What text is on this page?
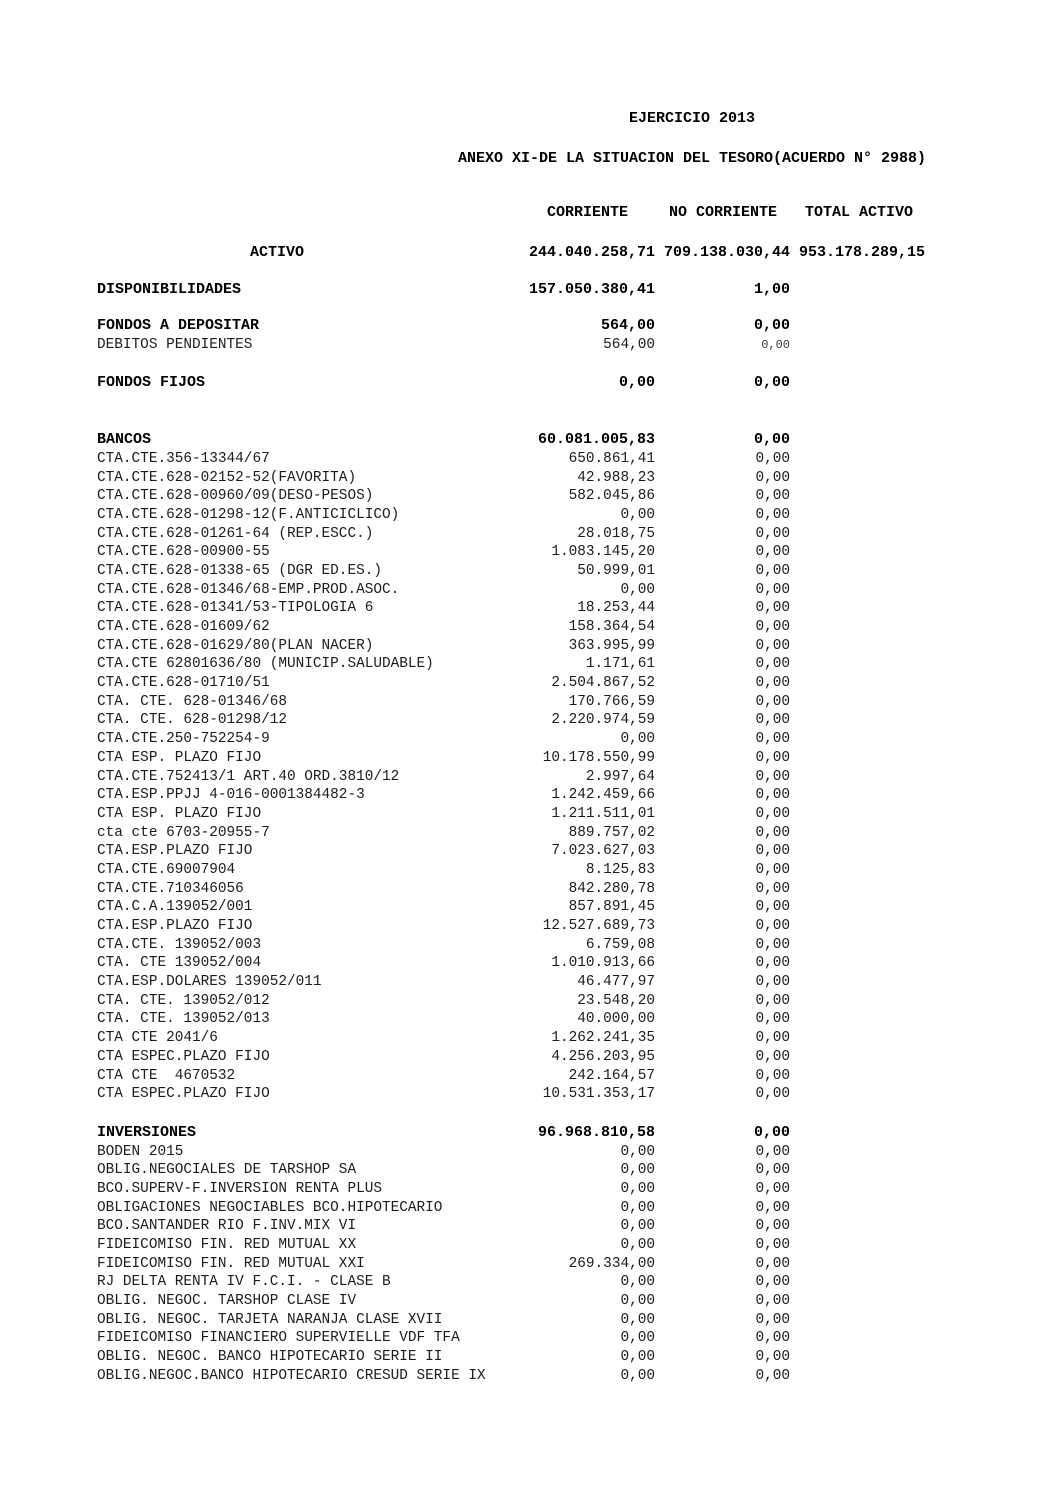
EJERCICIO 2013
ANEXO XI-DE LA SITUACION DEL TESORO(ACUERDO N° 2988)
CORRIENTE	NO CORRIENTE	TOTAL ACTIVO
ACTIVO	244.040.258,71 709.138.030,44 953.178.289,15
DISPONIBILIDADES	157.050.380,41	1,00
FONDOS A DEPOSITAR	564,00	0,00
DEBITOS PENDIENTES	564,00	0,00
FONDOS FIJOS	0,00	0,00
BANCOS	60.081.005,83	0,00
CTA.CTE.356-13344/67	650.861,41	0,00
CTA.CTE.628-02152-52(FAVORITA)	42.988,23	0,00
CTA.CTE.628-00960/09(DESO-PESOS)	582.045,86	0,00
CTA.CTE.628-01298-12(F.ANTICICLICO)	0,00	0,00
CTA.CTE.628-01261-64 (REP.ESCC.)	28.018,75	0,00
CTA.CTE.628-00900-55	1.083.145,20	0,00
CTA.CTE.628-01338-65 (DGR ED.ES.)	50.999,01	0,00
CTA.CTE.628-01346/68-EMP.PROD.ASOC.	0,00	0,00
CTA.CTE.628-01341/53-TIPOLOGIA 6	18.253,44	0,00
CTA.CTE.628-01609/62	158.364,54	0,00
CTA.CTE.628-01629/80(PLAN NACER)	363.995,99	0,00
CTA.CTE 62801636/80 (MUNICIP.SALUDABLE)	1.171,61	0,00
CTA.CTE.628-01710/51	2.504.867,52	0,00
CTA. CTE. 628-01346/68	170.766,59	0,00
CTA. CTE. 628-01298/12	2.220.974,59	0,00
CTA.CTE.250-752254-9	0,00	0,00
CTA ESP. PLAZO FIJO	10.178.550,99	0,00
CTA.CTE.752413/1 ART.40 ORD.3810/12	2.997,64	0,00
CTA.ESP.PPJJ 4-016-0001384482-3	1.242.459,66	0,00
CTA ESP. PLAZO FIJO	1.211.511,01	0,00
cta cte 6703-20955-7	889.757,02	0,00
CTA.ESP.PLAZO FIJO	7.023.627,03	0,00
CTA.CTE.69007904	8.125,83	0,00
CTA.CTE.710346056	842.280,78	0,00
CTA.C.A.139052/001	857.891,45	0,00
CTA.ESP.PLAZO FIJO	12.527.689,73	0,00
CTA.CTE. 139052/003	6.759,08	0,00
CTA. CTE 139052/004	1.010.913,66	0,00
CTA.ESP.DOLARES 139052/011	46.477,97	0,00
CTA. CTE. 139052/012	23.548,20	0,00
CTA. CTE. 139052/013	40.000,00	0,00
CTA CTE 2041/6	1.262.241,35	0,00
CTA ESPEC.PLAZO FIJO	4.256.203,95	0,00
CTA CTE  4670532	242.164,57	0,00
CTA ESPEC.PLAZO FIJO	10.531.353,17	0,00
INVERSIONES	96.968.810,58	0,00
BODEN 2015	0,00	0,00
OBLIG.NEGOCIALES DE TARSHOP SA	0,00	0,00
BCO.SUPERV-F.INVERSION RENTA PLUS	0,00	0,00
OBLIGACIONES NEGOCIABLES BCO.HIPOTECARIO	0,00	0,00
BCO.SANTANDER RIO F.INV.MIX VI	0,00	0,00
FIDEICOMISO FIN. RED MUTUAL XX	0,00	0,00
FIDEICOMISO FIN. RED MUTUAL XXI	269.334,00	0,00
RJ DELTA RENTA IV F.C.I. - CLASE B	0,00	0,00
OBLIG. NEGOC. TARSHOP CLASE IV	0,00	0,00
OBLIG. NEGOC. TARJETA NARANJA CLASE XVII	0,00	0,00
FIDEICOMISO FINANCIERO SUPERVIELLE VDF TFA	0,00	0,00
OBLIG. NEGOC. BANCO HIPOTECARIO SERIE II	0,00	0,00
OBLIG.NEGOC.BANCO HIPOTECARIO CRESUD SERIE IX	0,00	0,00
